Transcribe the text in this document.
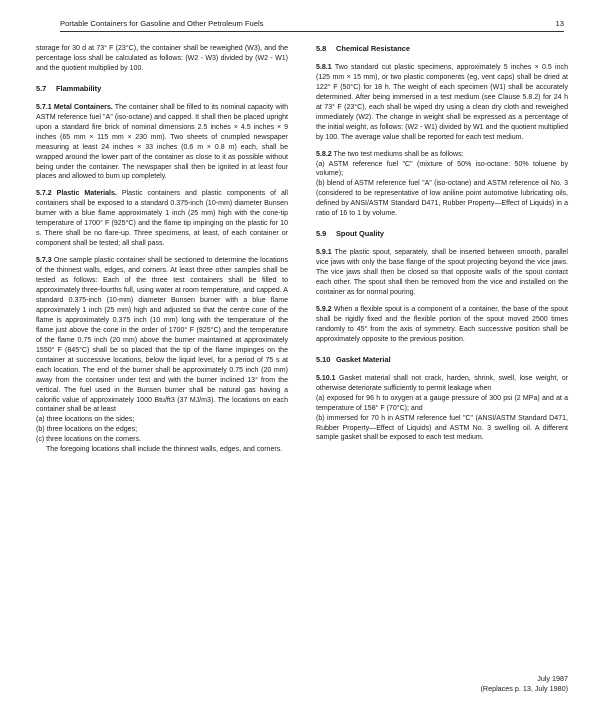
Portable Containers for Gasoline and Other Petroleum Fuels	13

storage for 30 d at 73° F (23°C), the container shall be reweighed (W3), and the percentage loss shall be calculated as follows: (W2 - W3) divided by (W2 - W1) and the quotient multiplied by 100.

5.7 Flammability

5.7.1 Metal Containers. The container shall be filled to its nominal capacity with ASTM reference fuel "A" (iso-octane) and capped. It shall then be placed upright upon a standard fire brick of nominal dimensions 2.5 inches × 4.5 inches × 9 inches (65 mm × 115 mm × 230 mm). Two sheets of crumpled newspaper measuring at least 24 inches × 33 inches (0.6 m × 0.8 m) each, shall be wrapped around the lower part of the container as close to it as possible without being under the container. The newspaper shall then be ignited in at least four places and allowed to burn up completely.

5.7.2 Plastic Materials. Plastic containers and plastic components of all containers shall be exposed to a standard 0.375-inch (10-mm) diameter Bunsen burner with a blue flame approximately 1 inch (25 mm) high with the cone-tip temperature of 1700° F (925°C) and the flame tip impinging on the plastic for 10 s. There shall be no flare-up. Three specimens, at least, of each container or component shall be tested; all shall pass.

5.7.3 One sample plastic container shall be sectioned to determine the locations of the thinnest walls, edges, and corners. At least three other samples shall be tested as follows: Each of the three test containers shall be filled to approximately three-fourths full, using water at room temperature, and capped. A standard 0.375-inch (10-mm) diameter Bunsen burner with a blue flame approximately 1 inch (25 mm) high and adjusted so that the centre cone of the flame is approximately 0.375 inch (10 mm) long with the temperature of the flame just above the cone in the order of 1700° F (925°C) and the temperature of the flame 0.75 inch (20 mm) above the burner maintained at approximately 1550° F (845°C) shall be so placed that the tip of the flame impinges on the container at successive locations, below the liquid level, for a period of 75 s at each location. The end of the burner shall be approximately 0.75 inch (20 mm) away from the container under test and with the burner inclined 13° from the vertical. The fuel used in the Bunsen burner shall be natural gas having a calorific value of approximately 1000 Btu/ft3 (37 MJ/m3). The locations on each container shall be at least

(a) three locations on the sides;
(b) three locations on the edges;
(c) three locations on the corners.
The foregoing locations shall include the thinnest walls, edges, and corners.
5.8 Chemical Resistance

5.8.1 Two standard cut plastic specimens, approximately 5 inches × 0.5 inch (125 mm × 15 mm), or two plastic components (eg, vent caps) shall be dried at 122° F (50°C) for 18 h. The weight of each specimen (W1) shall be accurately determined. After being immersed in a test medium (see Clause 5.8.2) for 24 h at 73° F (23°C), each shall be wiped dry using a clean dry cloth and reweighed immediately (W2). The change in weight shall be expressed as a percentage of the initial weight, as follows: (W2 - W1) divided by W1 and the quotient multiplied by 100. The average value shall be reported for each test medium.

5.8.2 The two test mediums shall be as follows:

(a) ASTM reference fuel "C" (mixture of 50% iso-octane: 50% toluene by volume);
(b) blend of ASTM reference fuel "A" (iso-octane) and ASTM reference oil No. 3 (considered to be representative of low aniline point automotive lubricating oils, defined by ANSI/ASTM Standard D471, Rubber Property—Effect of Liquids) in a ratio of 16 to 1 by volume.
5.9 Spout Quality

5.9.1 The plastic spout, separately, shall be inserted between smooth, parallel vice jaws with only the base flange of the spout projecting beyond the vice jaws. The vice jaws shall then be closed so that opposite walls of the spout contact each other. The spout shall then be removed from the vice and installed on the container as for normal pouring.

5.9.2 When a flexible spout is a component of a container, the base of the spout shall be rigidly fixed and the flexible portion of the spout moved 2500 times randomly to 45° from the axis of symmetry. Each successive position shall be approximately opposite to the previous position.

5.10 Gasket Material

5.10.1 Gasket material shall not crack, harden, shrink, swell, lose weight, or otherwise deteriorate sufficiently to permit leakage when

(a) exposed for 96 h to oxygen at a gauge pressure of 300 psi (2 MPa) and at a temperature of 158° F (70°C); and
(b) immersed for 70 h in ASTM reference fuel "C" (ANSI/ASTM Standard D471, Rubber Property—Effect of Liquids) and ASTM No. 3 swelling oil. A different sample gasket shall be exposed to each test medium.
July 1987
(Replaces p. 13, July 1980)
